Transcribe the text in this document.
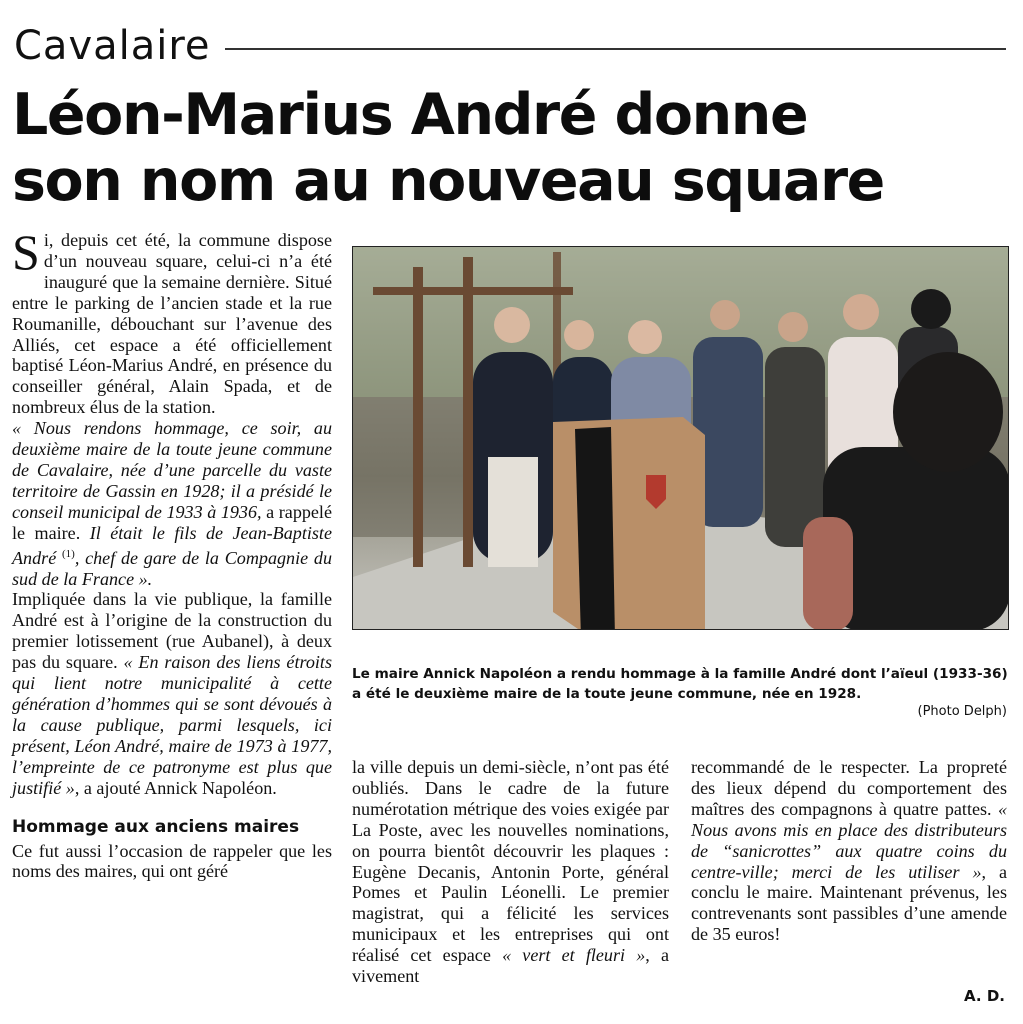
Cavalaire
Léon-Marius André donne
son nom au nouveau square

Si, depuis cet été, la commune dispose d’un nouveau square, celui-ci n’a été inauguré que la semaine dernière. Situé entre le parking de l’ancien stade et la rue Roumanille, débouchant sur l’avenue des Alliés, cet espace a été officiellement baptisé Léon-Marius André, en présence du conseiller général, Alain Spada, et de nombreux élus de la station.

« Nous rendons hommage, ce soir, au deuxième maire de la toute jeune commune de Cavalaire, née d’une parcelle du vaste territoire de Gassin en 1928; il a présidé le conseil municipal de 1933 à 1936, a rappelé le maire. Il était le fils de Jean-Baptiste André $^{(1)}$, chef de gare de la Compagnie du sud de la France ».

Impliquée dans la vie publique, la famille André est à l’origine de la construction du premier lotissement (rue Aubanel), à deux pas du square. « En raison des liens étroits qui lient notre municipalité à cette génération d’hommes qui se sont dévoués à la cause publique, parmi lesquels, ici présent, Léon André, maire de 1973 à 1977, l’empreinte de ce patronyme est plus que justifié », a ajouté Annick Napoléon.

Hommage aux anciens maires

Ce fut aussi l’occasion de rappeler que les noms des maires, qui ont géré

Le maire Annick Napoléon a rendu hommage à la famille André dont l’aïeul (1933-36) a été le deuxième maire de la toute jeune commune, née en 1928.
(Photo Delph)

la ville depuis un demi-siècle, n’ont pas été oubliés. Dans le cadre de la future numérotation métrique des voies exigée par La Poste, avec les nouvelles nominations, on pourra bientôt découvrir les plaques : Eugène Decanis, Antonin Porte, général Pomes et Paulin Léonelli. Le premier magistrat, qui a félicité les services municipaux et les entreprises qui ont réalisé cet espace « vert et fleuri », a vivement

recommandé de le respecter. La propreté des lieux dépend du comportement des maîtres des compagnons à quatre pattes. « Nous avons mis en place des distributeurs de “sanicrottes” aux quatre coins du centre-ville; merci de les utiliser », a conclu le maire. Maintenant prévenus, les contrevenants sont passibles d’une amende de 35 euros!

A. D.
